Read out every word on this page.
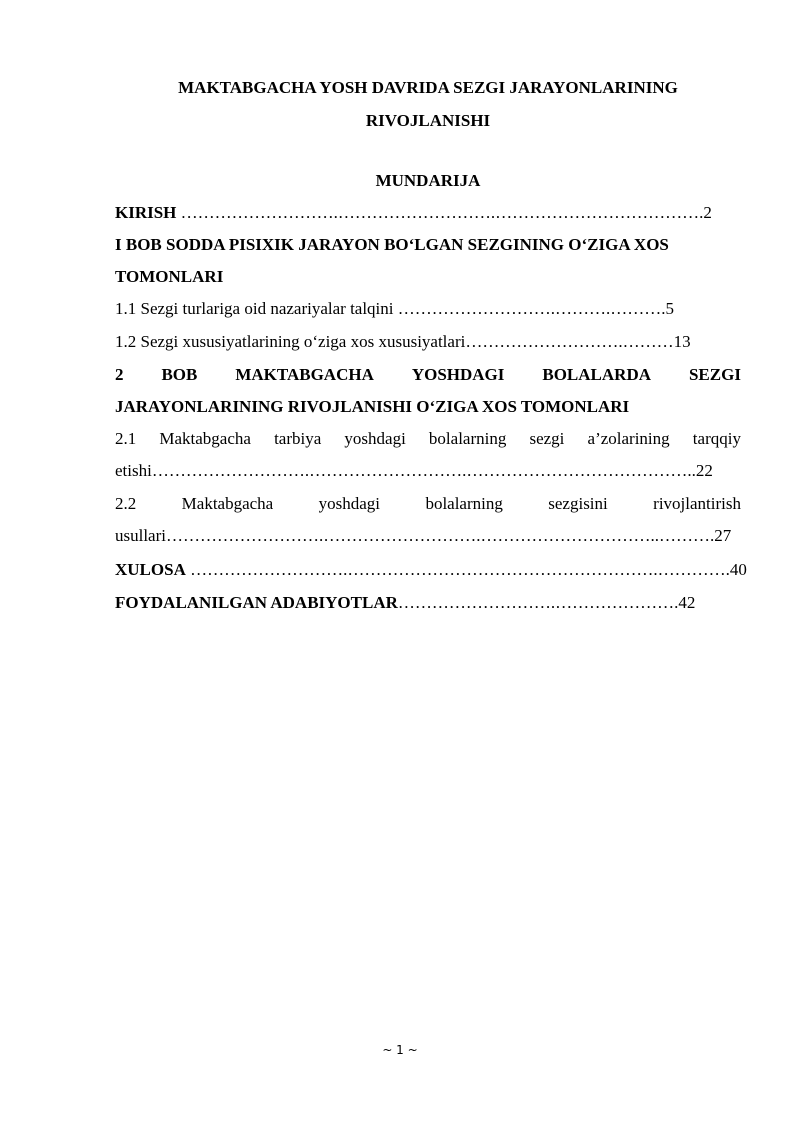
MAKTABGACHA YOSH DAVRIDA SEZGI JARAYONLARINING
RIVOJLANISHI
MUNDARIJA
KIRISH ……………………….……………………….……………………………….2
I BOB SODDA PISIXIK JARAYON BO‘LGAN SEZGINING O‘ZIGA XOS
TOMONLARI
1.1 Sezgi turlariga oid nazariyalar talqini ……………………….……….……….5
1.2 Sezgi xususiyatlarining o‘ziga xos xususiyatlari……………………….………13
2 BOB MAKTABGACHA YOSHDAGI BOLALARDA SEZGI
JARAYONLARINING RIVOJLANISHI O‘ZIGA XOS TOMONLARI
2.1 Maktabgacha tarbiya yoshdagi bolalarning sezgi a’zolarining tarqqiy
etishi……………………….……………………….…………………………………..22
2.2	Maktabgacha	yoshdagi	bolalarning	sezgisini	rivojlantirish
usullari……………………….……………………….…………………………..……….27
XULOSA ……………………….……………………………………………….………….40
FOYDALANILGAN ADABIYOTLAR……………………….………………….42
~ 1 ~
